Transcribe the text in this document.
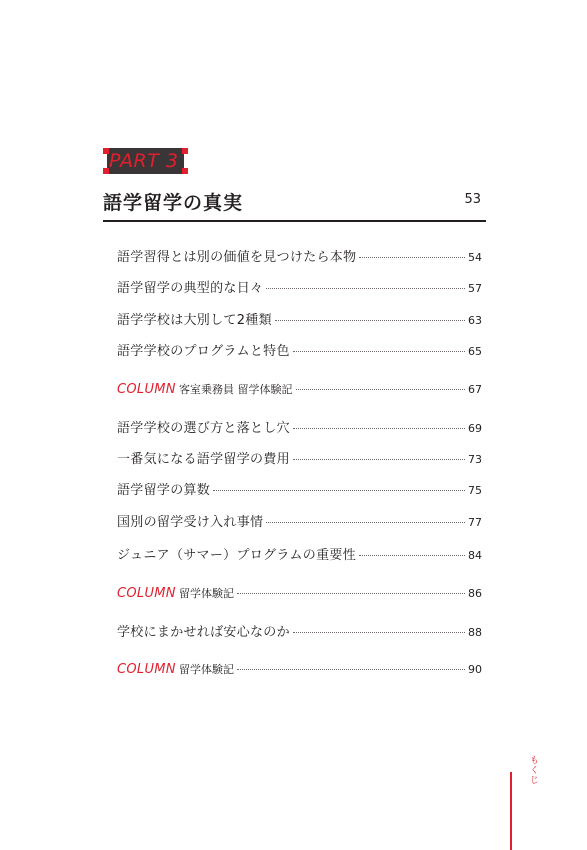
PART 3
語学留学の真実	53
語学習得とは別の価値を見つけたら本物	54
語学留学の典型的な日々	57
語学学校は大別して2種類	63
語学学校のプログラムと特色	65
COLUMN 客室乗務員 留学体験記	67
語学学校の選び方と落とし穴	69
一番気になる語学留学の費用	73
語学留学の算数	75
国別の留学受け入れ事情	77
ジュニア（サマー）プログラムの重要性	84
COLUMN 留学体験記	86
学校にまかせれば安心なのか	88
COLUMN 留学体験記	90
もくじ
